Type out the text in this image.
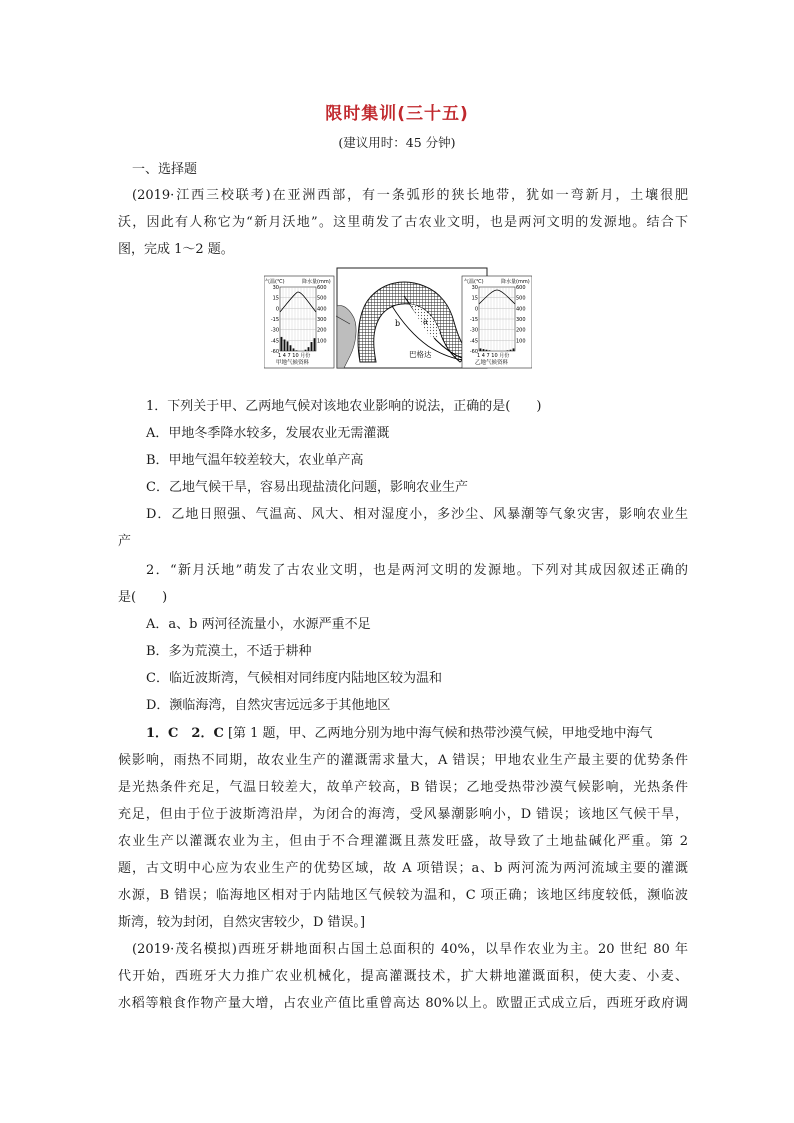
限时集训(三十五)
(建议用时：45 分钟)
一、选择题
(2019·江西三校联考)在亚洲西部，有一条弧形的狭长地带，犹如一弯新月，土壤很肥
沃，因此有人称它为“新月沃地”。这里萌发了古农业文明，也是两河文明的发源地。结合下
图，完成 1～2 题。
b	a
巴格达
气温(℃)	降水量(mm)
30
15
0
-15
-30
-45
-60
600
500
400
300
200
100
1 4 7 10 月份
甲地气候资料
气温(℃)	降水量(mm)
30
15
0
-15
-30
-45
-60
600
500
400
300
200
100
1 4 7 10 月份
乙地气候资料
1．下列关于甲、乙两地气候对该地农业影响的说法，正确的是(　　)
A．甲地冬季降水较多，发展农业无需灌溉
B．甲地气温年较差较大，农业单产高
C．乙地气候干旱，容易出现盐渍化问题，影响农业生产
D．乙地日照强、气温高、风大、相对湿度小，多沙尘、风暴潮等气象灾害，影响农业生
产
2．“新月沃地”萌发了古农业文明，也是两河文明的发源地。下列对其成因叙述正确的
是(　　)
A．a、b 两河径流量小，水源严重不足
B．多为荒漠土，不适于耕种
C．临近波斯湾，气候相对同纬度内陆地区较为温和
D．濒临海湾，自然灾害远远多于其他地区
1．C　2．C [第 1 题，甲、乙两地分别为地中海气候和热带沙漠气候，甲地受地中海气
候影响，雨热不同期，故农业生产的灌溉需求量大，A 错误；甲地农业生产最主要的优势条件
是光热条件充足，气温日较差大，故单产较高，B 错误；乙地受热带沙漠气候影响，光热条件
充足，但由于位于波斯湾沿岸，为闭合的海湾，受风暴潮影响小，D 错误；该地区气候干旱，
农业生产以灌溉农业为主，但由于不合理灌溉且蒸发旺盛，故导致了土地盐碱化严重。第 2
题，古文明中心应为农业生产的优势区域，故 A 项错误；a、b 两河流为两河流域主要的灌溉
水源，B 错误；临海地区相对于内陆地区气候较为温和，C 项正确；该地区纬度较低，濒临波
斯湾，较为封闭，自然灾害较少，D 错误。]
(2019·茂名模拟)西班牙耕地面积占国土总面积的 40%，以旱作农业为主。20 世纪 80 年
代开始，西班牙大力推广农业机械化，提高灌溉技术，扩大耕地灌溉面积，使大麦、小麦、
水稻等粮食作物产量大增，占农业产值比重曾高达 80%以上。欧盟正式成立后，西班牙政府调
